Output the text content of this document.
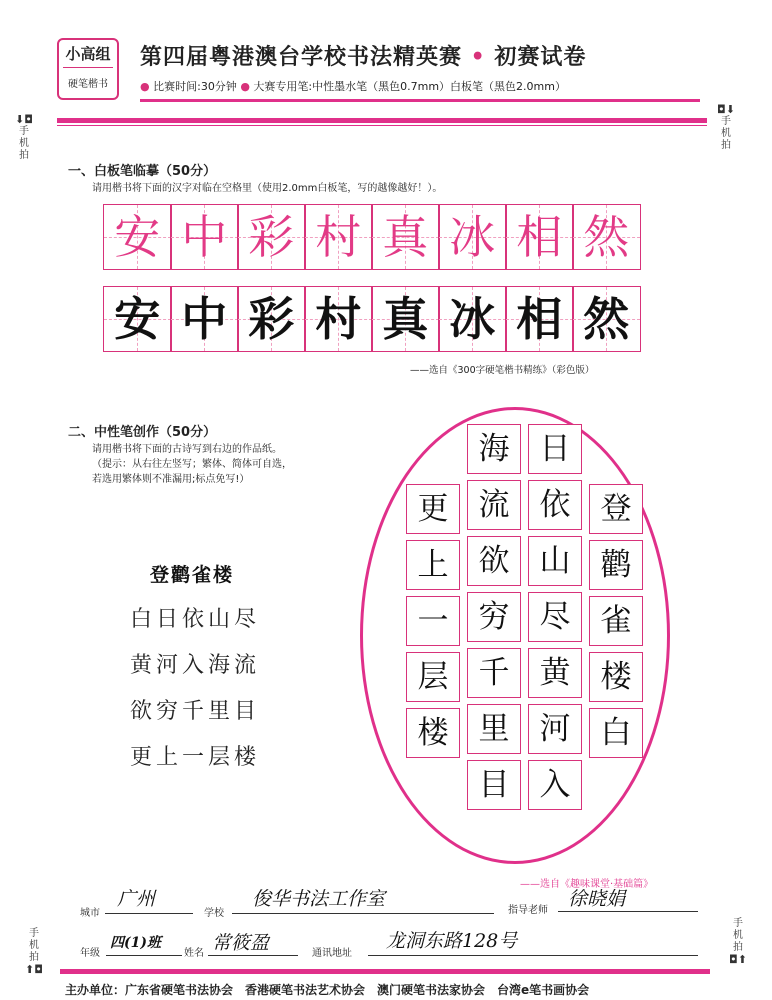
小高组
硬笔楷书
第四届粤港澳台学校书法精英赛 • 初赛试卷
● 比赛时间:30分钟 ● 大赛专用笔:中性墨水笔（黑色0.7mm）白板笔（黑色2.0mm）
⬇◘
手机拍
◘⬇
手机拍
手机拍
⬆◘
手机拍
◘⬆
一、白板笔临摹（50分）
请用楷书将下面的汉字对临在空格里（使用2.0mm白板笔，写的越像越好！）。
安 中 彩 村 真 冰 相 然
安 中 彩 村 真 冰 相 然
——选自《300字硬笔楷书精练》（彩色版）
二、中性笔创作（50分）
请用楷书将下面的古诗写到右边的作品纸。
（提示：从右往左竖写；繁体、简体可自选，
若选用繁体则不准漏用;标点免写!）
登鹳雀楼
白日依山尽
黄河入海流
欲穷千里目
更上一层楼
登
鹳
雀
楼
白
日
依
山
尽
黄
河
入
海
流
欲
穷
千
里
目
更
上
一
层
楼
——选自《趣味课堂·基础篇》
城市
广州
学校
俊华书法工作室
指导老师
徐晓娟
年级
四(1)班
姓名 常筱盈	通讯地址
龙洞东路128号
主办单位：广东省硬笔书法协会　香港硬笔书法艺术协会　澳门硬笔书法家协会　台湾e笔书画协会
